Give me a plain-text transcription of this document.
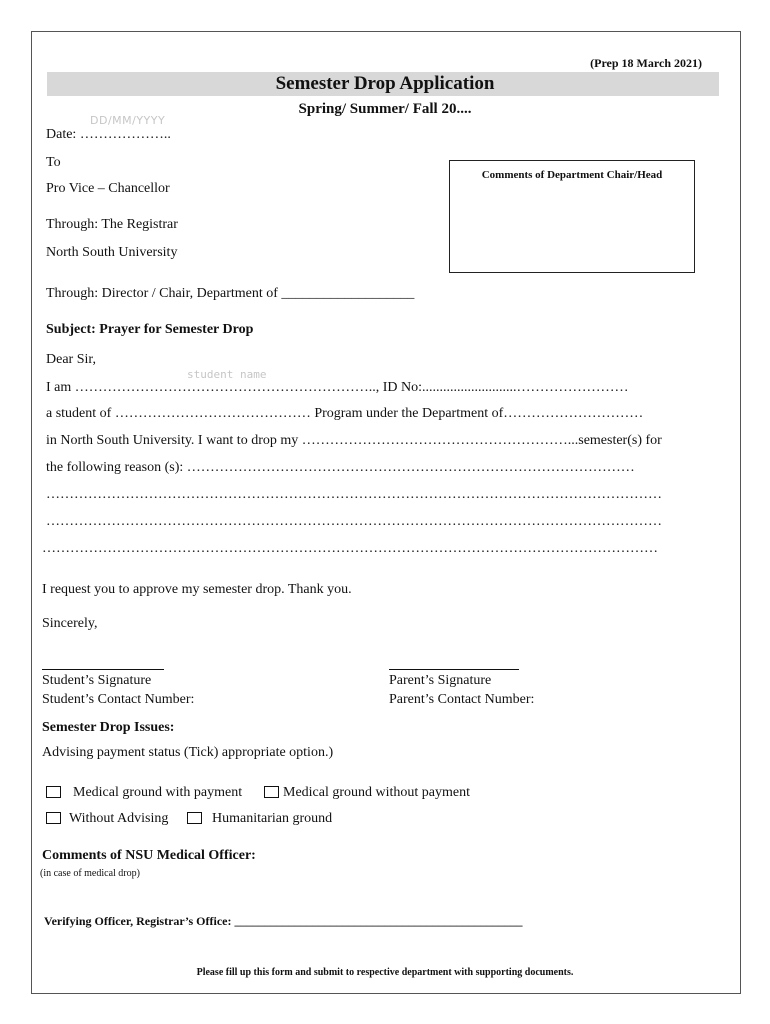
(Prep 18 March 2021)
Semester Drop Application
Spring/ Summer/ Fall 20....
DD/MM/YYYY
Date: ………………..
To
Pro Vice – Chancellor
Through: The Registrar
North South University
Comments of Department Chair/Head
Through: Director / Chair, Department of ___________________
Subject: Prayer for Semester Drop
Dear Sir,
student name
I am ……………………………………………………….., ID No:...........................……………………
a student of …………………………………… Program under the Department of…………………………
in North South University. I want to drop my …………………………………………………...semester(s) for
the following reason (s): ……………………………………………………………………………………
……………………………………………………………………………………………………………………
……………………………………………………………………………………………………………………
……………………………………………………………………………………………………………………
I request you to approve my semester drop. Thank you.
Sincerely,
Student’s Signature
Student’s Contact Number:
Parent’s Signature
Parent’s Contact Number:
Semester Drop Issues:
Advising payment status (Tick) appropriate option.)
Medical ground with payment	Medical ground without payment
Without Advising	Humanitarian ground
Comments of NSU Medical Officer:
(in case of medical drop)
Verifying Officer, Registrar’s Office: ________________________________________________
Please fill up this form and submit to respective department with supporting documents.
